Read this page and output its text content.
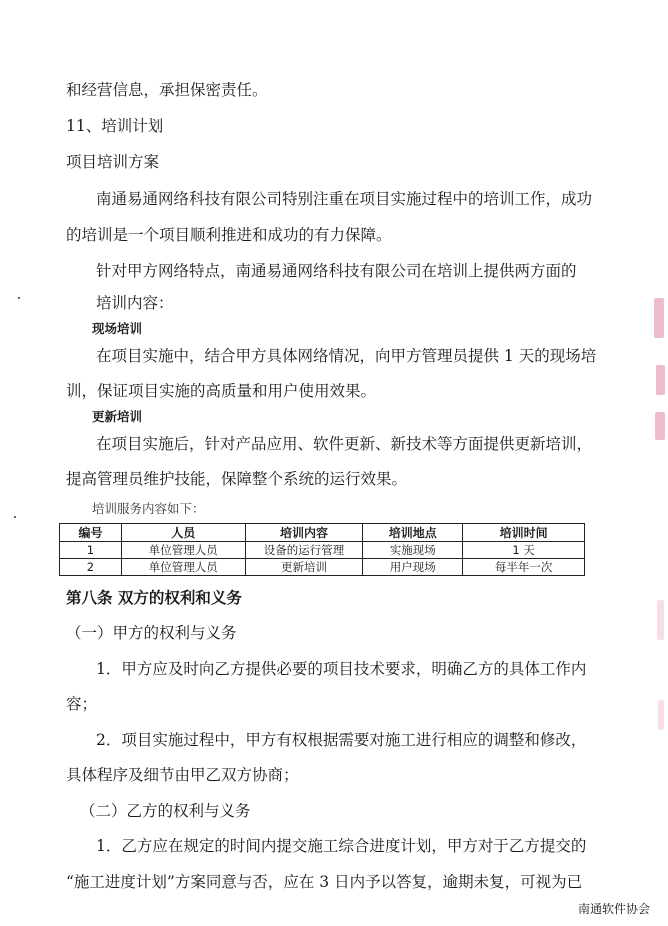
和经营信息，承担保密责任。
11、培训计划
项目培训方案
南通易通网络科技有限公司特别注重在项目实施过程中的培训工作，成功
的培训是一个项目顺利推进和成功的有力保障。
针对甲方网络特点，南通易通网络科技有限公司在培训上提供两方面的
培训内容：
现场培训
在项目实施中，结合甲方具体网络情况，向甲方管理员提供 1 天的现场培
训，保证项目实施的高质量和用户使用效果。
更新培训
在项目实施后，针对产品应用、软件更新、新技术等方面提供更新培训，
提高管理员维护技能，保障整个系统的运行效果。
培训服务内容如下：
编号	人员	培训内容	培训地点	培训时间
1	单位管理人员	设备的运行管理	实施现场	1 天
2	单位管理人员	更新培训	用户现场	每半年一次
第八条 双方的权利和义务
（一）甲方的权利与义务
1．甲方应及时向乙方提供必要的项目技术要求，明确乙方的具体工作内
容；
2．项目实施过程中，甲方有权根据需要对施工进行相应的调整和修改，
具体程序及细节由甲乙双方协商；
（二）乙方的权利与义务
1．乙方应在规定的时间内提交施工综合进度计划，甲方对于乙方提交的
“施工进度计划”方案同意与否，应在 3 日内予以答复，逾期未复，可视为已
南通软件协会
